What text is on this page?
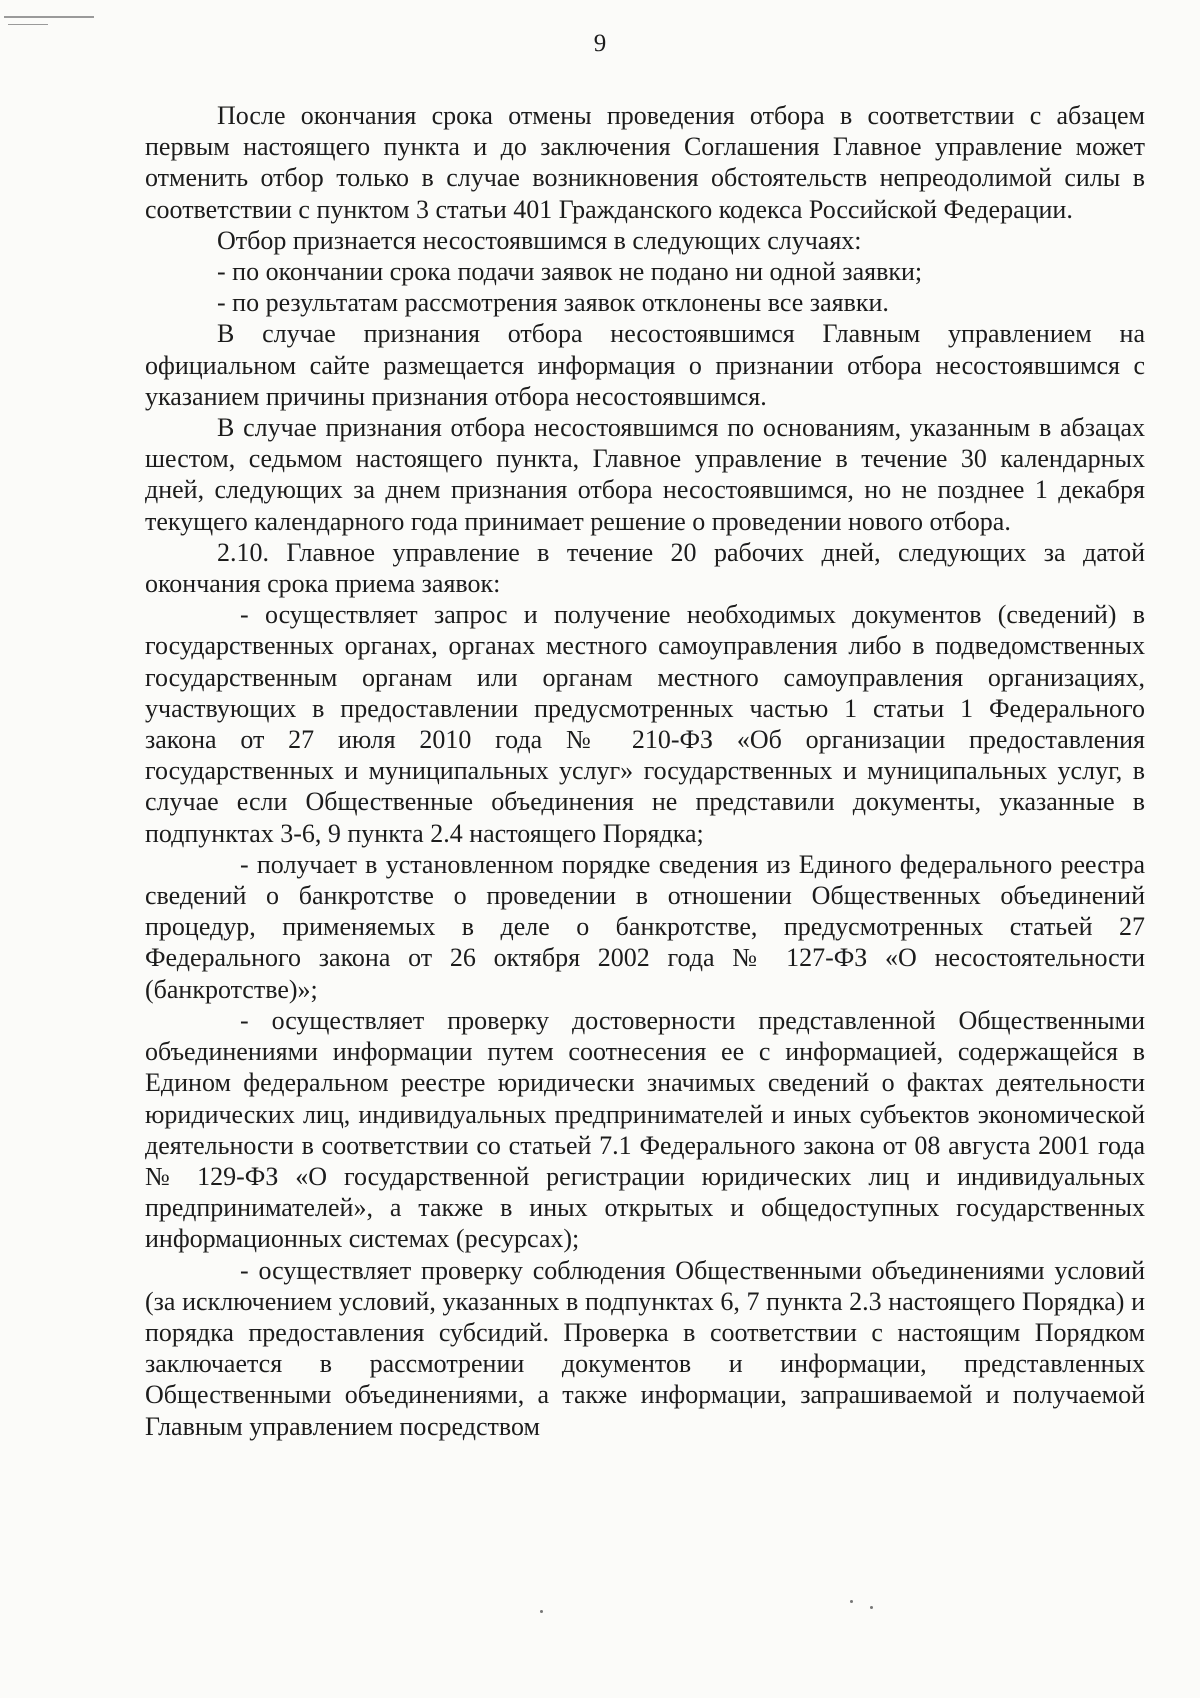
9

После окончания срока отмены проведения отбора в соответствии с абзацем первым настоящего пункта и до заключения Соглашения Главное управление может отменить отбор только в случае возникновения обстоятельств непреодолимой силы в соответствии с пунктом 3 статьи 401 Гражданского кодекса Российской Федерации.

Отбор признается несостоявшимся в следующих случаях:

- по окончании срока подачи заявок не подано ни одной заявки;

- по результатам рассмотрения заявок отклонены все заявки.

В случае признания отбора несостоявшимся Главным управлением на официальном сайте размещается информация о признании отбора несостоявшимся с указанием причины признания отбора несостоявшимся.

В случае признания отбора несостоявшимся по основаниям, указанным в абзацах шестом, седьмом настоящего пункта, Главное управление в течение 30 календарных дней, следующих за днем признания отбора несостоявшимся, но не позднее 1 декабря текущего календарного года принимает решение о проведении нового отбора.

2.10. Главное управление в течение 20 рабочих дней, следующих за датой окончания срока приема заявок:

- осуществляет запрос и получение необходимых документов (сведений) в государственных органах, органах местного самоуправления либо в подведомственных государственным органам или органам местного самоуправления организациях, участвующих в предоставлении предусмотренных частью 1 статьи 1 Федерального закона от 27 июля 2010 года № 210-ФЗ «Об организации предоставления государственных и муниципальных услуг» государственных и муниципальных услуг, в случае если Общественные объединения не представили документы, указанные в подпунктах 3-6, 9 пункта 2.4 настоящего Порядка;

- получает в установленном порядке сведения из Единого федерального реестра сведений о банкротстве о проведении в отношении Общественных объединений процедур, применяемых в деле о банкротстве, предусмотренных статьей 27 Федерального закона от 26 октября 2002 года № 127-ФЗ «О несостоятельности (банкротстве)»;

- осуществляет проверку достоверности представленной Общественными объединениями информации путем соотнесения ее с информацией, содержащейся в Едином федеральном реестре юридически значимых сведений о фактах деятельности юридических лиц, индивидуальных предпринимателей и иных субъектов экономической деятельности в соответствии со статьей 7.1 Федерального закона от 08 августа 2001 года № 129-ФЗ «О государственной регистрации юридических лиц и индивидуальных предпринимателей», а также в иных открытых и общедоступных государственных информационных системах (ресурсах);

- осуществляет проверку соблюдения Общественными объединениями условий (за исключением условий, указанных в подпунктах 6, 7 пункта 2.3 настоящего Порядка) и порядка предоставления субсидий. Проверка в соответствии с настоящим Порядком заключается в рассмотрении документов и информации, представленных Общественными объединениями, а также информации, запрашиваемой и получаемой Главным управлением посредством
